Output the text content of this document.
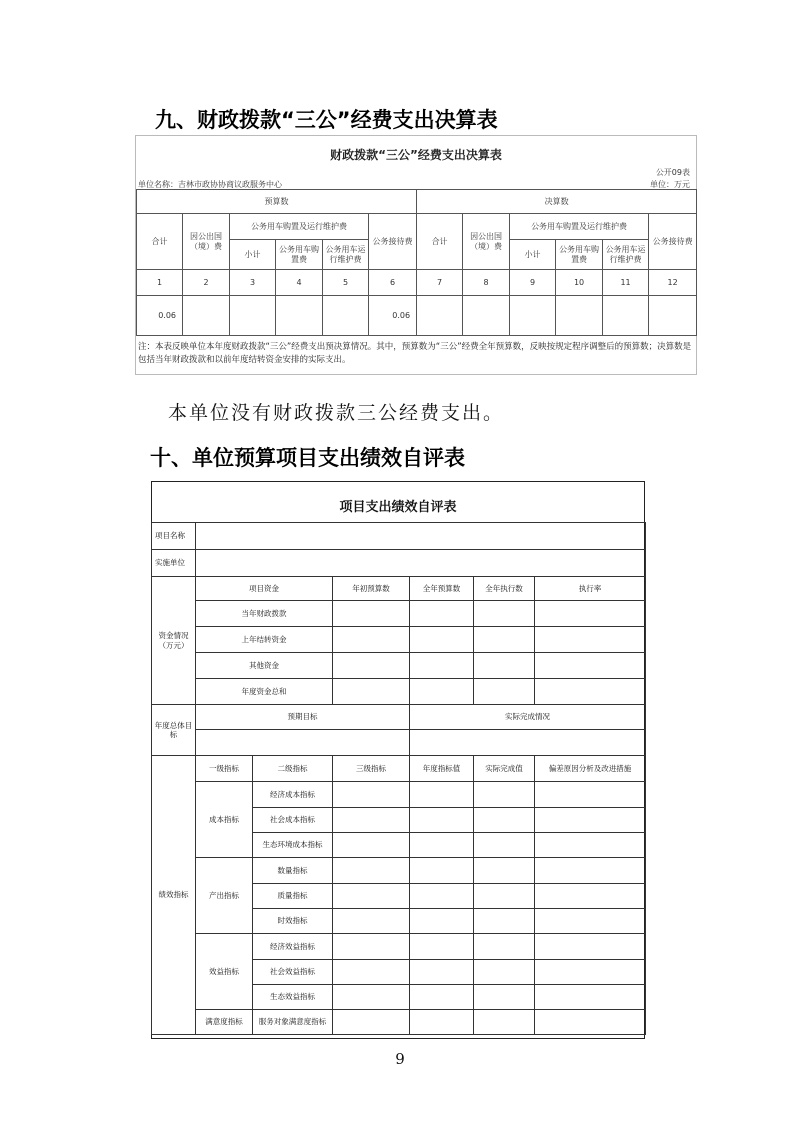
九、财政拨款“三公”经费支出决算表
财政拨款“三公”经费支出决算表
公开09表
单位名称：吉林市政协协商议政服务中心	单位：万元
预算数						决算数					
合计	因公出国（境）费	公务用车购置及运行维护费			公务接待费	合计	因公出国（境）费	公务用车购置及运行维护费			公务接待费
		小计	公务用车购置费	公务用车运行维护费				小计	公务用车购置费	公务用车运行维护费	
1	2	3	4	5	6	7	8	9	10	11	12
0.06					0.06						
注：本表反映单位本年度财政拨款“三公”经费支出预决算情况。其中，预算数为“三公”经费全年预算数，反映按规定程序调整后的预算数；决算数是包括当年财政拨款和以前年度结转资金安排的实际支出。
本单位没有财政拨款三公经费支出。
十、单位预算项目支出绩效自评表
项目支出绩效自评表
项目名称						
实施单位						
资金情况（万元）	项目资金		年初预算数	全年预算数	全年执行数	执行率
	当年财政拨款					
	上年结转资金					
	其他资金					
	年度资金总和					
年度总体目标	预期目标			实际完成情况		

绩效指标	一级指标	二级指标	三级指标	年度指标值	实际完成值	偏差原因分析及改进措施
	成本指标	经济成本指标				
		社会成本指标				
		生态环境成本指标				
	产出指标	数量指标				
		质量指标				
		时效指标				
	效益指标	经济效益指标				
		社会效益指标				
		生态效益指标				
	满意度指标	服务对象满意度指标				
9
